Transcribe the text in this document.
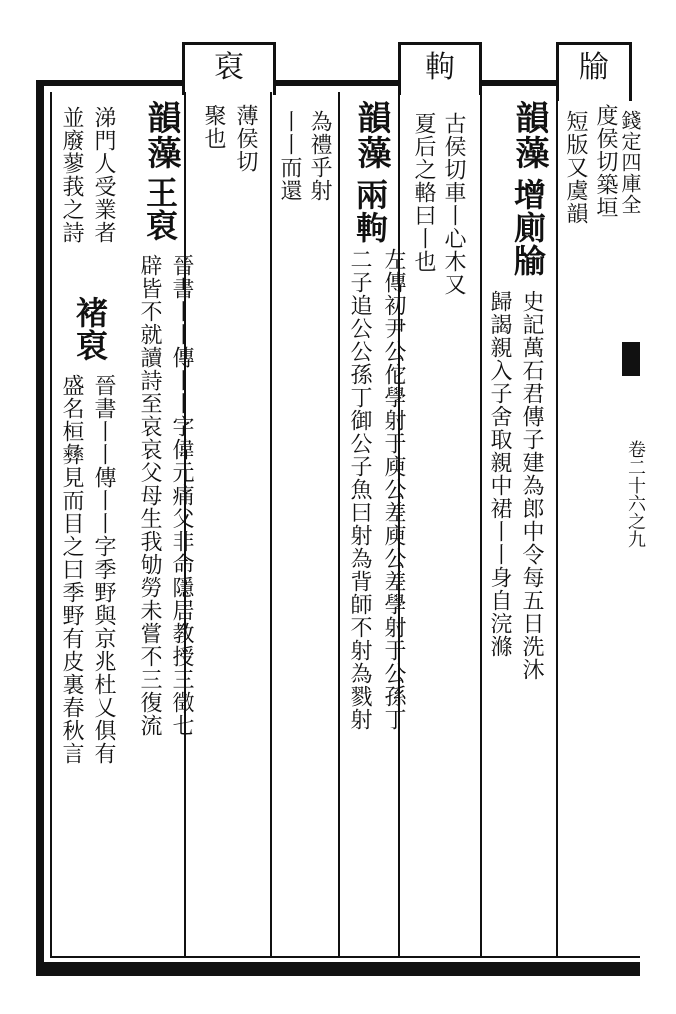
裒	軥	牏
度侯切築垣
短版又虞韻
韻藻
增廁牏
史記萬石君傳子建為郎中令每五日洗沐
歸謁親入子舍取親中裙丨丨身自浣滌
古侯切車丨心木又
夏后之輅曰丨也
韻藻
兩軥
左傳初尹公佗學射于庾公差庾公差學射于公孫丁
二子追公公孫丁御公子魚曰射為背師不射為戮射
為禮乎射
丨丨而還
薄侯切
聚也
韻藻
王裒
晉書丨丨傳丨丨字偉元痛父非命隱居教授三徵七
辟皆不就讀詩至哀哀父母生我劬勞未嘗不三復流
涕門人受業者
並廢蓼莪之詩
褚裒
晉書丨丨傳丨丨字季野與京兆杜乂俱有
盛名桓彝見而目之曰季野有皮裏春秋言
錢定四庫全
卷二十六之九
